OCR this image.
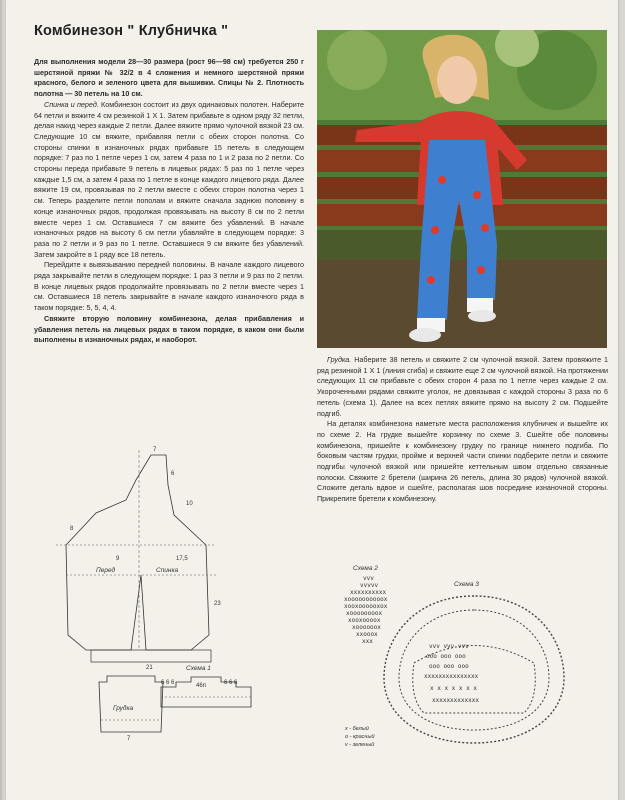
Комбинезон " Клубничка "

Для выполнения модели 28—30 размера (рост 96—98 см) требуется 250 г шерстяной пряжи № 32/2 в 4 сложения и немного шерстяной пряжи красного, белого и зеленого цвета для вышивки. Спицы № 2. Плотность полотна — 30 петель на 10 см.

Спинка и перед. Комбинезон состоит из двух одинаковых полотен. Наберите 64 петли и вяжите 4 см резинкой 1 Х 1. Затем прибавьте в одном ряду 32 петли, делая накид через каждые 2 петли. Далее вяжите прямо чулочной вязкой 23 см. Следующие 10 см вяжите, прибавляя петли с обеих сторон полотна. Со стороны спинки в изнаночных рядах прибавьте 15 петель в следующем порядке: 7 раз по 1 петле через 1 см, затем 4 раза по 1 и 2 раза по 2 петли. Со стороны переда прибавьте 9 петель в лицевых рядах: 5 раз по 1 петле через каждые 1,5 см, а затем 4 раза по 1 петле в конце каждого лицевого ряда. Далее вяжите 19 см, провязывая по 2 петли вместе с обеих сторон полотна через 1 см. Теперь разделите петли пополам и вяжите сначала заднюю половину в конце изнаночных рядов, продолжая провязывать на высоту 8 см по 2 петли вместе через 1 см. Оставшиеся 7 см вяжите без убавлений. В начале изнаночных рядов на высоту 6 см петли убавляйте в следующем порядке: 3 раза по 2 петли и 9 раз по 1 петле. Оставшиеся 9 см вяжите без убавлений. Затем закройте в 1 ряду все 18 петель.

Перейдите к вывязыванию передней половины. В начале каждого лицевого ряда закрывайте петли в следующем порядке: 1 раз 3 петли и 9 раз по 2 петли. В конце лицевых рядов продолжайте провязывать по 2 петли вместе через 1 см. Оставшиеся 18 петель закрывайте в начале каждого изнаночного ряда в таком порядке: 5, 5, 4, 4.

Свяжите вторую половину комбинезона, делая прибавления и убавления петель на лицевых рядах в таком порядке, в каком они были выполнены в изнаночных рядах, и наоборот.

Грудка. Наберите 38 петель и свяжите 2 см чулочной вязкой. Затем провяжите 1 ряд резинкой 1 Х 1 (линия сгиба) и свяжите еще 2 см чулочной вязкой. На протяжении следующих 11 см прибавьте с обеих сторон 4 раза по 1 петле через каждые 2 см. Укороченными рядами свяжите уголок, не довязывая с каждой стороны 3 раза по 6 петель (схема 1). Далее на всех петлях вяжите прямо на высоту 2 см. Подшейте подгиб.

На деталях комбинезона наметьте места расположения клубничек и вышейте их по схеме 2. На грудке вышейте корзинку по схеме 3. Сшейте обе половины комбинезона, пришейте к комбинезону грудку по границе нижнего подгиба. По боковым частям грудки, пройме и верхней части спинки подберите петли и свяжите подгибы чулочной вязкой или пришейте кеттельным швом отдельно связанные полоски. Свяжите 2 бретели (ширина 26 петель, длина 30 рядов) чулочной вязкой. Сложите деталь вдвое и сшейте, располагая шов посредине изнаночной стороны. Прикрепите бретели к комбинезону.

Перед	Спинка
7
6
10
23
8
9	17,5
21
Грудка
7
Схема 1
46п
6 6 6	6 6 6
Схема 2
vvv
vvvvv
xxxxxxxxxx
xoooooooooox
xooxoooooxox
xoooooooox
xooxoooox
xoooooox
xxooox
xxx
Схема 3
vvv vvv vvv
ooo ooo ooo
ooo ooo ooo
xxxxxxxxxxxxxxx
x x x x x x x
xxxxxxxxxxxxx
х - белый
о - красный
v - зеленый
